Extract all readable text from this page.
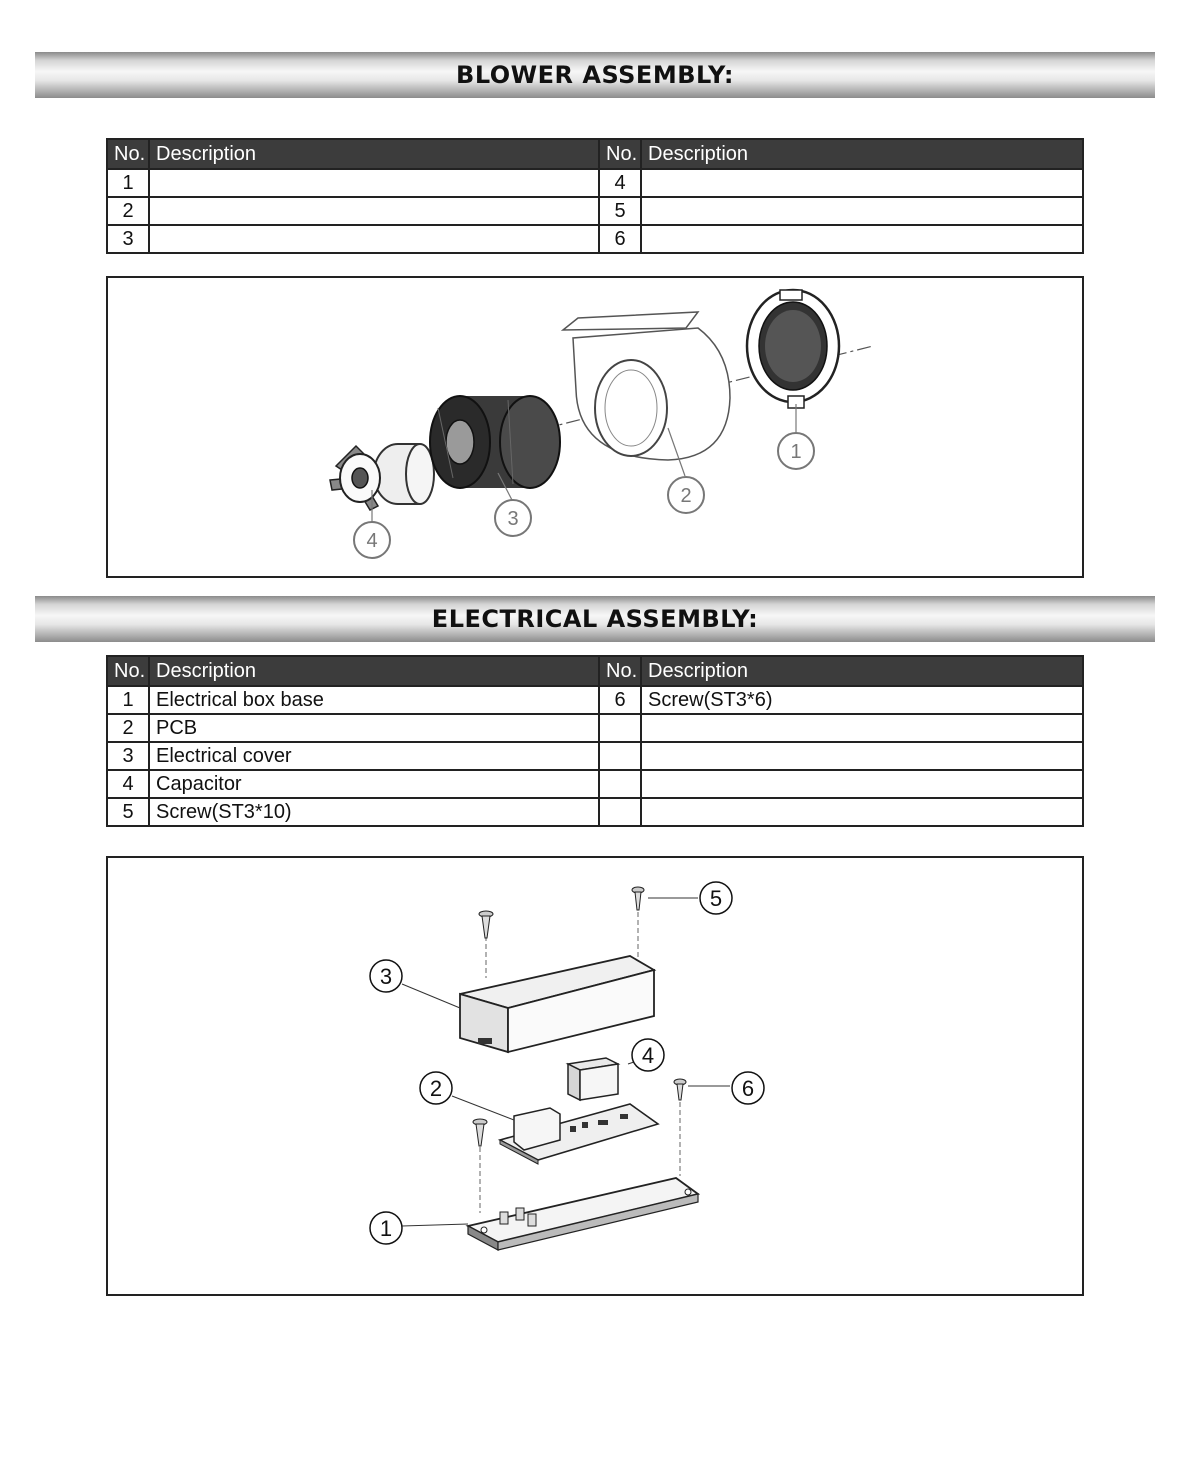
BLOWER ASSEMBLY:
No.	Description	No.	Description
1		4	
2		5	
3		6	
1
2
3
4
ELECTRICAL ASSEMBLY:
No.	Description	No.	Description
1	Electrical box base	6	Screw(ST3*6)
2	PCB		
3	Electrical cover		
4	Capacitor		
5	Screw(ST3*10)		
1
2
3
4
5
6
